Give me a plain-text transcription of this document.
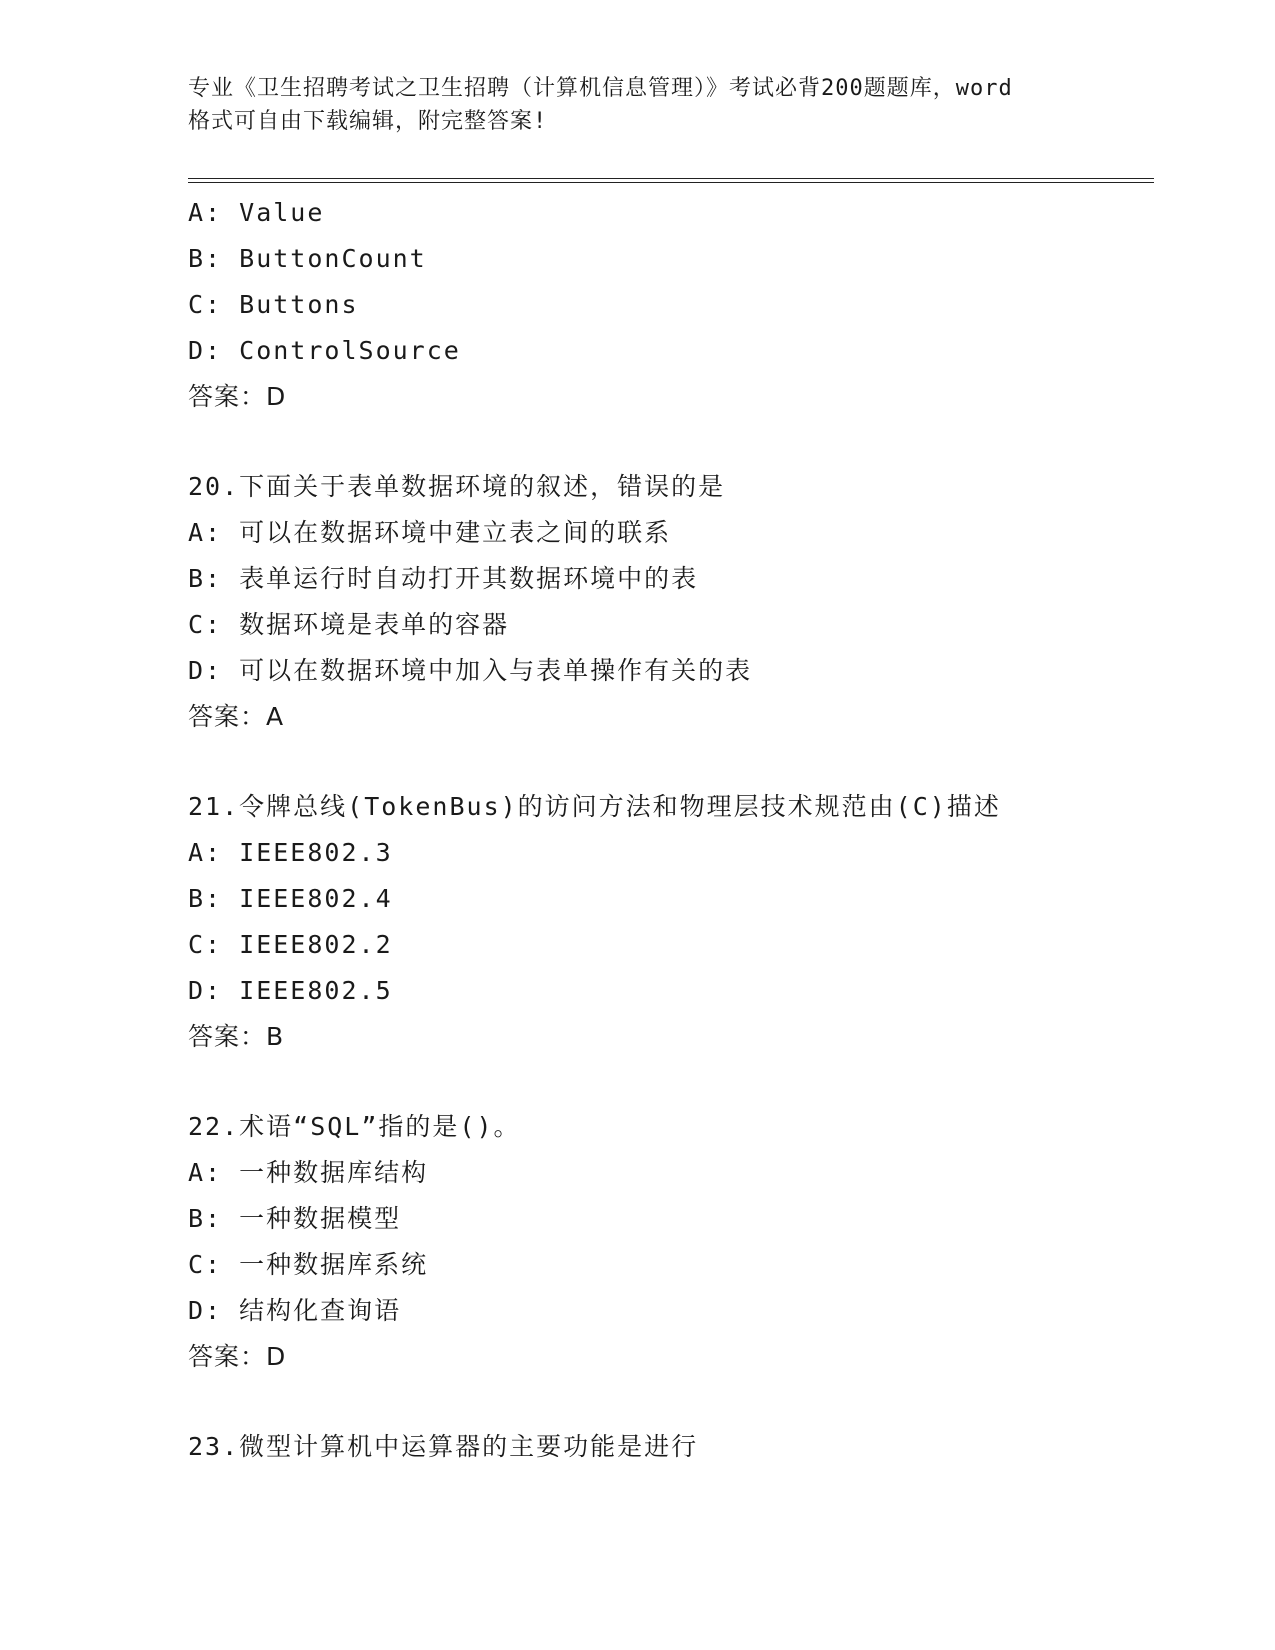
专业《卫生招聘考试之卫生招聘（计算机信息管理）》考试必背200题题库，word
格式可自由下载编辑，附完整答案!
A: Value
B: ButtonCount
C: Buttons
D: ControlSource
答案：D
20.下面关于表单数据环境的叙述，错误的是
A: 可以在数据环境中建立表之间的联系
B: 表单运行时自动打开其数据环境中的表
C: 数据环境是表单的容器
D: 可以在数据环境中加入与表单操作有关的表
答案：A
21.令牌总线(TokenBus)的访问方法和物理层技术规范由(C)描述
A: IEEE802.3
B: IEEE802.4
C: IEEE802.2
D: IEEE802.5
答案：B
22.术语“SQL”指的是()。
A: 一种数据库结构
B: 一种数据模型
C: 一种数据库系统
D: 结构化查询语
答案：D
23.微型计算机中运算器的主要功能是进行
